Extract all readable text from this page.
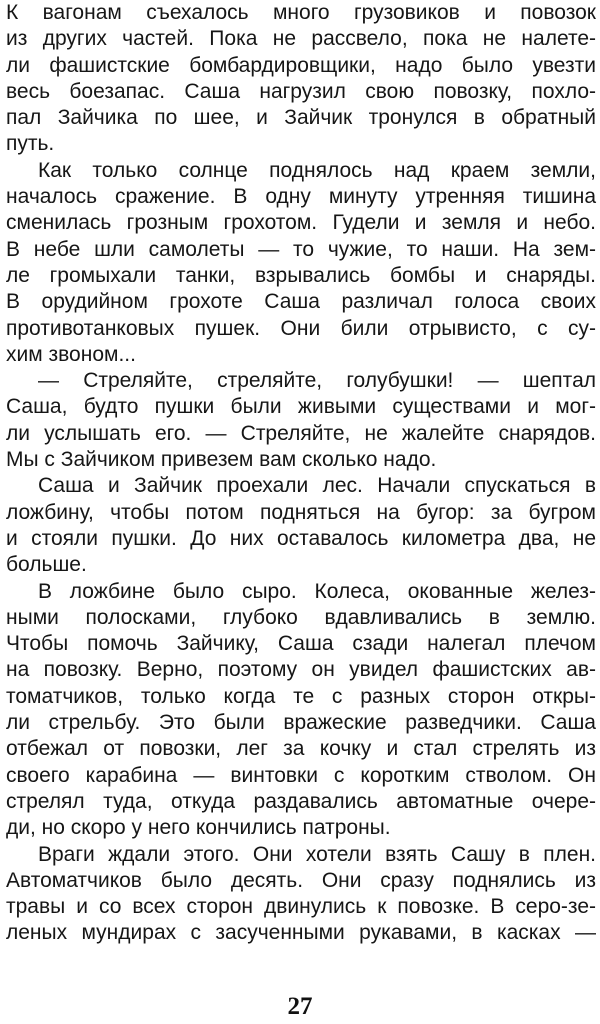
К вагонам съехалось много грузовиков и повозок
из других частей. Пока не рассвело, пока не налете-
ли фашистские бомбардировщики, надо было увезти
весь боезапас. Саша нагрузил свою повозку, похло-
пал Зайчика по шее, и Зайчик тронулся в обратный
путь.
Как только солнце поднялось над краем земли,
началось сражение. В одну минуту утренняя тишина
сменилась грозным грохотом. Гудели и земля и небо.
В небе шли самолеты — то чужие, то наши. На зем-
ле громыхали танки, взрывались бомбы и снаряды.
В орудийном грохоте Саша различал голоса своих
противотанковых пушек. Они били отрывисто, с су-
хим звоном...
— Стреляйте, стреляйте, голубушки! — шептал
Саша, будто пушки были живыми существами и мог-
ли услышать его. — Стреляйте, не жалейте снарядов.
Мы с Зайчиком привезем вам сколько надо.
Саша и Зайчик проехали лес. Начали спускаться в
ложбину, чтобы потом подняться на бугор: за бугром
и стояли пушки. До них оставалось километра два, не
больше.
В ложбине было сыро. Колеса, окованные желез-
ными полосками, глубоко вдавливались в землю.
Чтобы помочь Зайчику, Саша сзади налегал плечом
на повозку. Верно, поэтому он увидел фашистских ав-
томатчиков, только когда те с разных сторон откры-
ли стрельбу. Это были вражеские разведчики. Саша
отбежал от повозки, лег за кочку и стал стрелять из
своего карабина — винтовки с коротким стволом. Он
стрелял туда, откуда раздавались автоматные очере-
ди, но скоро у него кончились патроны.
Враги ждали этого. Они хотели взять Сашу в плен.
Автоматчиков было десять. Они сразу поднялись из
травы и со всех сторон двинулись к повозке. В серо-зе-
леных мундирах с засученными рукавами, в касках —
27
